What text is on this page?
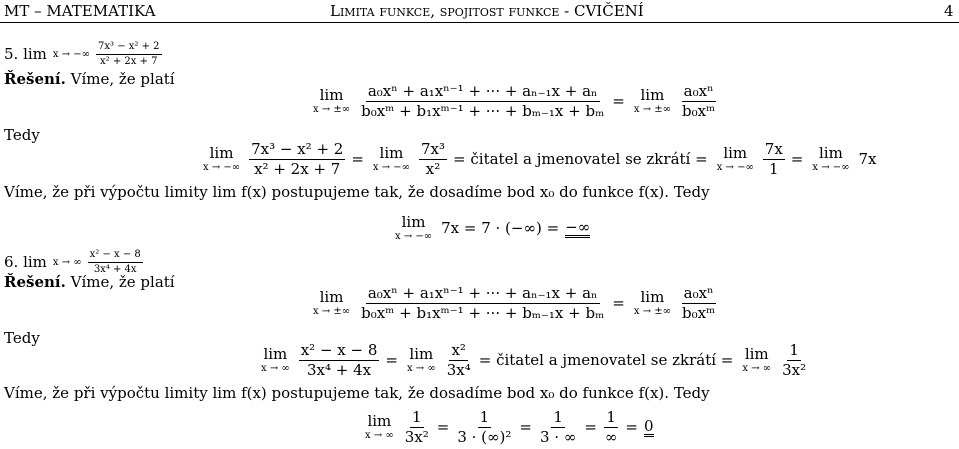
MT – MATEMATIKA	Limita funkce, spojitost funkce - CVIČENÍ	4
5. lim x → −∞ $\frac{\text{7x³ − x² + 2}}{\text{x² + 2x + 7}}$
Řešení. Víme, že platí
lim
x → ±∞ $\frac{\text{a₀xⁿ + a₁xⁿ⁻¹ + ··· + aₙ₋₁x + aₙ}}{\text{b₀xᵐ + b₁xᵐ⁻¹ + ··· + bₘ₋₁x + bₘ}} = \lim$
x → ±∞ $\frac{\text{a₀xⁿ}}{\text{b₀xᵐ}}$
Tedy
lim
x → −∞ $\frac{\text{7x³ − x² + 2}}{\text{x² + 2x + 7}} = \lim$
x → −∞ $\frac{\text{7x³}}{\text{x²}}$ = čitatel a jmenovatel se zkrátí = lim
x → −∞ $\frac{7x}{1} = \lim$
x → −∞ 7x
Víme, že při výpočtu limity lim f(x) postupujeme tak, že dosadíme bod x₀ do funkce f(x). Tedy
lim
x → −∞ 7x = 7 · (−∞) = −∞
6. lim x → ∞ $\frac{\text{x² − x − 8}}{\text{3x⁴ + 4x}}$
Řešení. Víme, že platí
lim
x → ±∞ $\frac{\text{a₀xⁿ + a₁xⁿ⁻¹ + ··· + aₙ₋₁x + aₙ}}{\text{b₀xᵐ + b₁xᵐ⁻¹ + ··· + bₘ₋₁x + bₘ}} = \lim$
x → ±∞ $\frac{\text{a₀xⁿ}}{\text{b₀xᵐ}}$
Tedy
lim
x → ∞ $\frac{\text{x² − x − 8}}{\text{3x⁴ + 4x}} = \lim$
x → ∞ $\frac{\text{x²}}{\text{3x⁴}}$ = čitatel a jmenovatel se zkrátí = lim
x → ∞ $\frac{1}{\text{3x²}}$
Víme, že při výpočtu limity lim f(x) postupujeme tak, že dosadíme bod x₀ do funkce f(x). Tedy
lim
x → ∞ $\frac{1}{\text{3x²}} = \frac{1}{\text{3 · (∞)²}} = \frac{1}{3 \cdot \infty} = \frac{1}{\infty} = 0$
